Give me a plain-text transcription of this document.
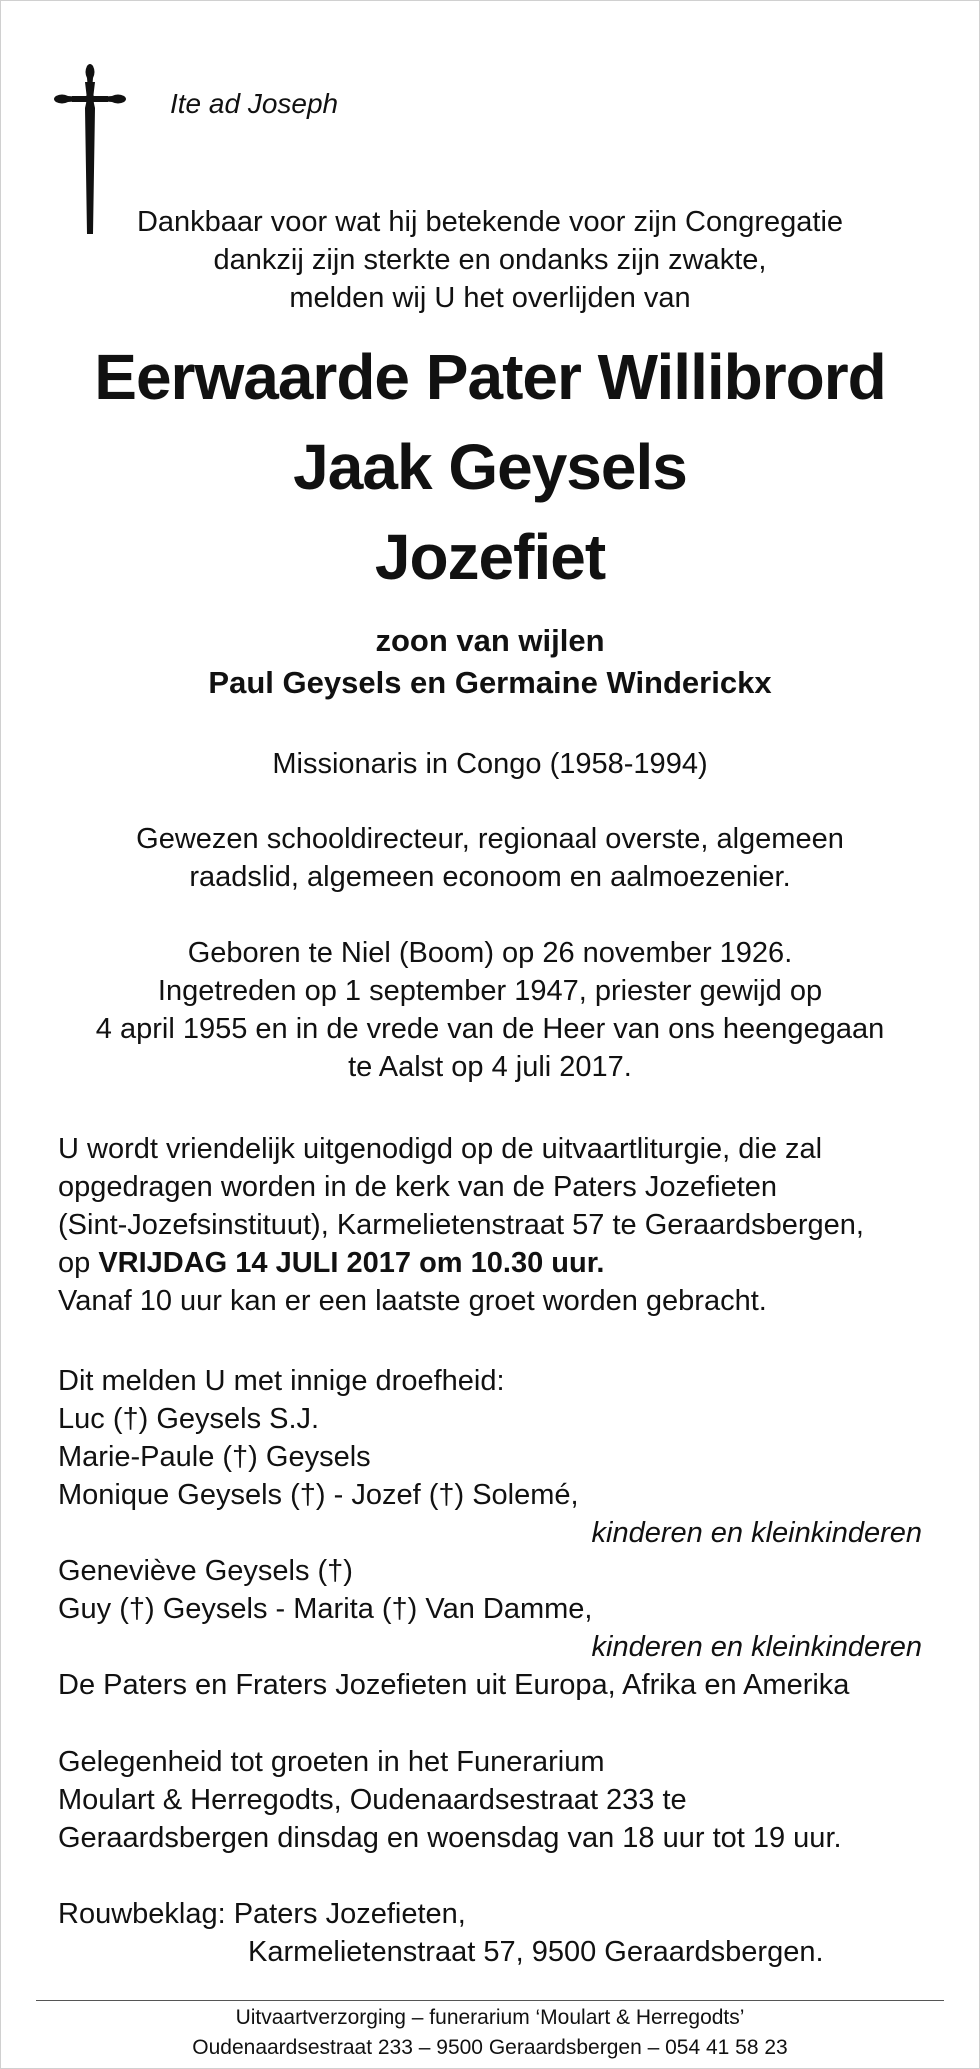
Ite ad Joseph
Dankbaar voor wat hij betekende voor zijn Congregatie
dankzij zijn sterkte en ondanks zijn zwakte,
melden wij U het overlijden van
Eerwaarde Pater Willibrord
Jaak Geysels
Jozefiet
zoon van wijlen
Paul Geysels en Germaine Winderickx
Missionaris in Congo (1958-1994)
Gewezen schooldirecteur, regionaal overste, algemeen
raadslid, algemeen econoom en aalmoezenier.
Geboren te Niel (Boom) op 26 november 1926.
Ingetreden op 1 september 1947, priester gewijd op
4 april 1955 en in de vrede van de Heer van ons heengegaan
te Aalst op 4 juli 2017.
U wordt vriendelijk uitgenodigd op de uitvaartliturgie, die zal
opgedragen worden in de kerk van de Paters Jozefieten
(Sint-Jozefsinstituut), Karmelietenstraat 57 te Geraardsbergen,
op VRIJDAG 14 JULI 2017 om 10.30 uur.
Vanaf 10 uur kan er een laatste groet worden gebracht.
Dit melden U met innige droefheid:
Luc (†) Geysels S.J.
Marie-Paule (†) Geysels
Monique Geysels (†) - Jozef (†) Solemé,
kinderen en kleinkinderen
Geneviève Geysels (†)
Guy (†) Geysels - Marita (†) Van Damme,
kinderen en kleinkinderen
De Paters en Fraters Jozefieten uit Europa, Afrika en Amerika
Gelegenheid tot groeten in het Funerarium
Moulart & Herregodts, Oudenaardsestraat 233 te
Geraardsbergen dinsdag en woensdag van 18 uur tot 19 uur.
Rouwbeklag: Paters Jozefieten,
Karmelietenstraat 57, 9500 Geraardsbergen.
Uitvaartverzorging – funerarium ‘Moulart & Herregodts’
Oudenaardsestraat 233 – 9500 Geraardsbergen – 054 41 58 23
